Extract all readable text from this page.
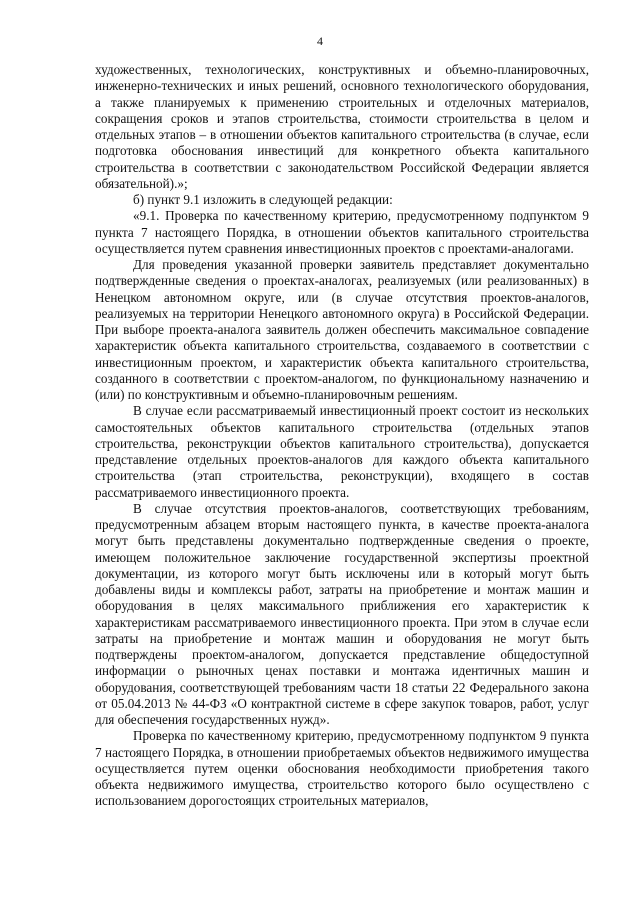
4

художественных, технологических, конструктивных и объемно-планировочных, инженерно-технических и иных решений, основного технологического оборудования, а также планируемых к применению строительных и отделочных материалов, сокращения сроков и этапов строительства, стоимости строительства в целом и отдельных этапов – в отношении объектов капитального строительства (в случае, если подготовка обоснования инвестиций для конкретного объекта капитального строительства в соответствии с законодательством Российской Федерации является обязательной).»;

б) пункт 9.1 изложить в следующей редакции:

«9.1. Проверка по качественному критерию, предусмотренному подпунктом 9 пункта 7 настоящего Порядка, в отношении объектов капитального строительства осуществляется путем сравнения инвестиционных проектов с проектами-аналогами.

Для проведения указанной проверки заявитель представляет документально подтвержденные сведения о проектах-аналогах, реализуемых (или реализованных) в Ненецком автономном округе, или (в случае отсутствия проектов-аналогов, реализуемых на территории Ненецкого автономного округа) в Российской Федерации. При выборе проекта-аналога заявитель должен обеспечить максимальное совпадение характеристик объекта капитального строительства, создаваемого в соответствии с инвестиционным проектом, и характеристик объекта капитального строительства, созданного в соответствии с проектом-аналогом, по функциональному назначению и (или) по конструктивным и объемно-планировочным решениям.

В случае если рассматриваемый инвестиционный проект состоит из нескольких самостоятельных объектов капитального строительства (отдельных этапов строительства, реконструкции объектов капитального строительства), допускается представление отдельных проектов-аналогов для каждого объекта капитального строительства (этап строительства, реконструкции), входящего в состав рассматриваемого инвестиционного проекта.

В случае отсутствия проектов-аналогов, соответствующих требованиям, предусмотренным абзацем вторым настоящего пункта, в качестве проекта-аналога могут быть представлены документально подтвержденные сведения о проекте, имеющем положительное заключение государственной экспертизы проектной документации, из которого могут быть исключены или в который могут быть добавлены виды и комплексы работ, затраты на приобретение и монтаж машин и оборудования в целях максимального приближения его характеристик к характеристикам рассматриваемого инвестиционного проекта. При этом в случае если затраты на приобретение и монтаж машин и оборудования не могут быть подтверждены проектом-аналогом, допускается представление общедоступной информации о рыночных ценах поставки и монтажа идентичных машин и оборудования, соответствующей требованиям части 18 статьи 22 Федерального закона от 05.04.2013 № 44-ФЗ «О контрактной системе в сфере закупок товаров, работ, услуг для обеспечения государственных нужд».

Проверка по качественному критерию, предусмотренному подпунктом 9 пункта 7 настоящего Порядка, в отношении приобретаемых объектов недвижимого имущества осуществляется путем оценки обоснования необходимости приобретения такого объекта недвижимого имущества, строительство которого было осуществлено с использованием дорогостоящих строительных материалов,
